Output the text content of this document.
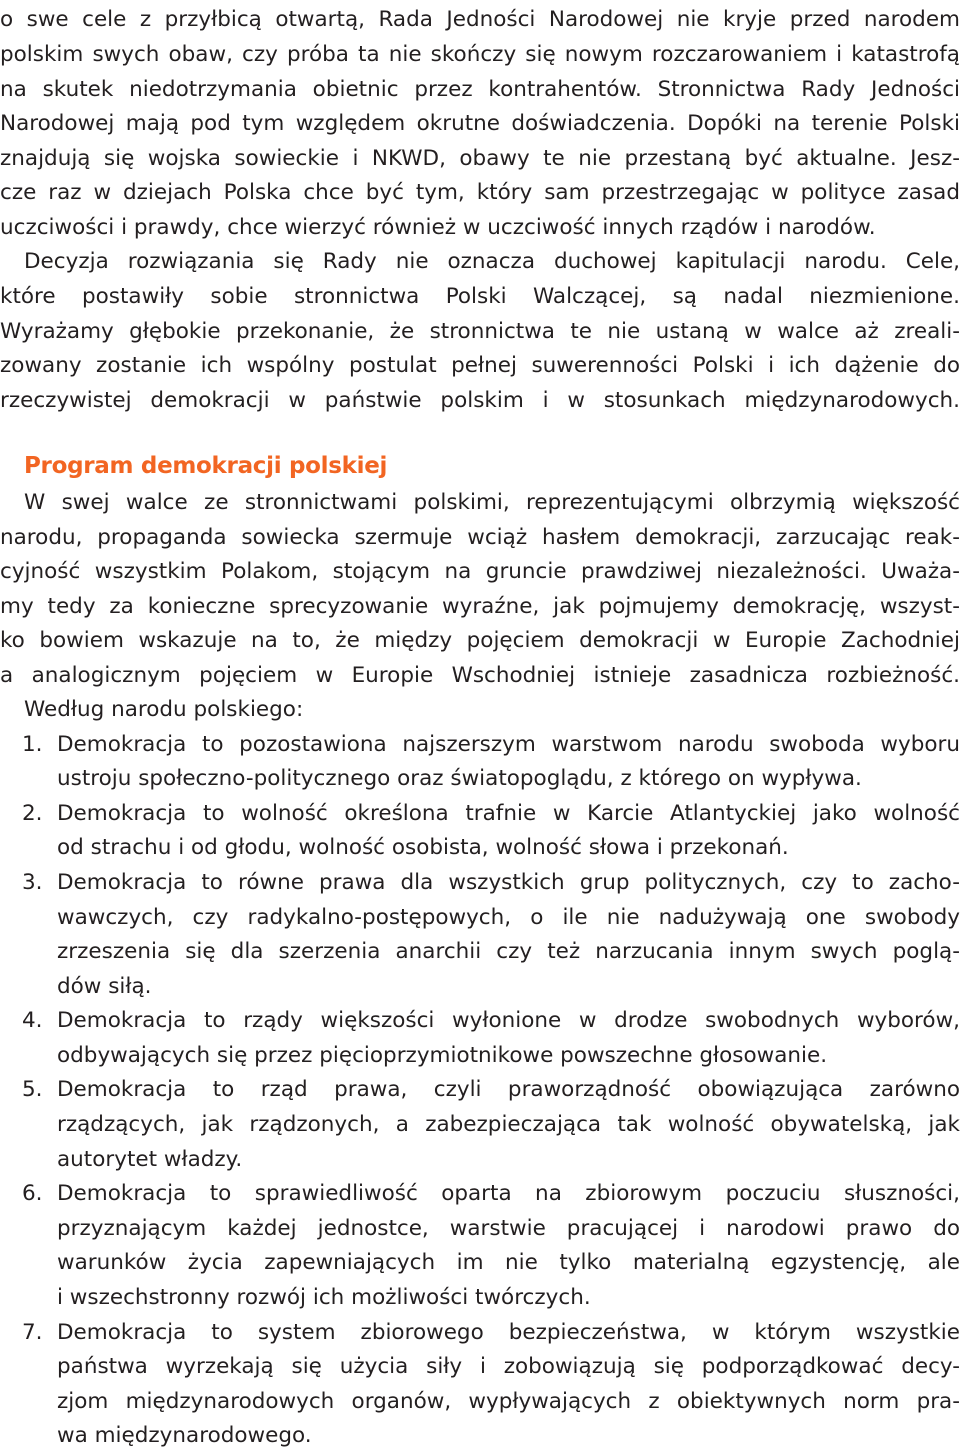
o swe cele z przyłbicą otwartą, Rada Jedności Narodowej nie kryje przed narodem
polskim swych obaw, czy próba ta nie skończy się nowym rozczarowaniem i katastrofą
na skutek niedotrzymania obietnic przez kontrahentów. Stronnictwa Rady Jedności
Narodowej mają pod tym względem okrutne doświadczenia. Dopóki na terenie Polski
znajdują się wojska sowieckie i NKWD, obawy te nie przestaną być aktualne. Jesz-
cze raz w dziejach Polska chce być tym, który sam przestrzegając w polityce zasad
uczciwości i prawdy, chce wierzyć również w uczciwość innych rządów i narodów.
Decyzja rozwiązania się Rady nie oznacza duchowej kapitulacji narodu. Cele,
które postawiły sobie stronnictwa Polski Walczącej, są nadal niezmienione.
Wyrażamy głębokie przekonanie, że stronnictwa te nie ustaną w walce aż zreali-
zowany zostanie ich wspólny postulat pełnej suwerenności Polski i ich dążenie do
rzeczywistej demokracji w państwie polskim i w stosunkach międzynarodowych.
Program demokracji polskiej
W swej walce ze stronnictwami polskimi, reprezentującymi olbrzymią większość
narodu, propaganda sowiecka szermuje wciąż hasłem demokracji, zarzucając reak-
cyjność wszystkim Polakom, stojącym na gruncie prawdziwej niezależności. Uważa-
my tedy za konieczne sprecyzowanie wyraźne, jak pojmujemy demokrację, wszyst-
ko bowiem wskazuje na to, że między pojęciem demokracji w Europie Zachodniej
a analogicznym pojęciem w Europie Wschodniej istnieje zasadnicza rozbieżność.
Według narodu polskiego:
1. Demokracja to pozostawiona najszerszym warstwom narodu swoboda wyboru
ustroju społeczno-politycznego oraz światopoglądu, z którego on wypływa.
2. Demokracja to wolność określona trafnie w Karcie Atlantyckiej jako wolność
od strachu i od głodu, wolność osobista, wolność słowa i przekonań.
3. Demokracja to równe prawa dla wszystkich grup politycznych, czy to zacho-
wawczych, czy radykalno-postępowych, o ile nie nadużywają one swobody
zrzeszenia się dla szerzenia anarchii czy też narzucania innym swych poglą-
dów siłą.
4. Demokracja to rządy większości wyłonione w drodze swobodnych wyborów,
odbywających się przez pięcioprzymiotnikowe powszechne głosowanie.
5. Demokracja to rząd prawa, czyli praworządność obowiązująca zarówno
rządzących, jak rządzonych, a zabezpieczająca tak wolność obywatelską, jak
autorytet władzy.
6. Demokracja to sprawiedliwość oparta na zbiorowym poczuciu słuszności,
przyznającym każdej jednostce, warstwie pracującej i narodowi prawo do
warunków życia zapewniających im nie tylko materialną egzystencję, ale
i wszechstronny rozwój ich możliwości twórczych.
7. Demokracja to system zbiorowego bezpieczeństwa, w którym wszystkie
państwa wyrzekają się użycia siły i zobowiązują się podporządkować decy-
zjom międzynarodowych organów, wypływających z obiektywnych norm pra-
wa międzynarodowego.
